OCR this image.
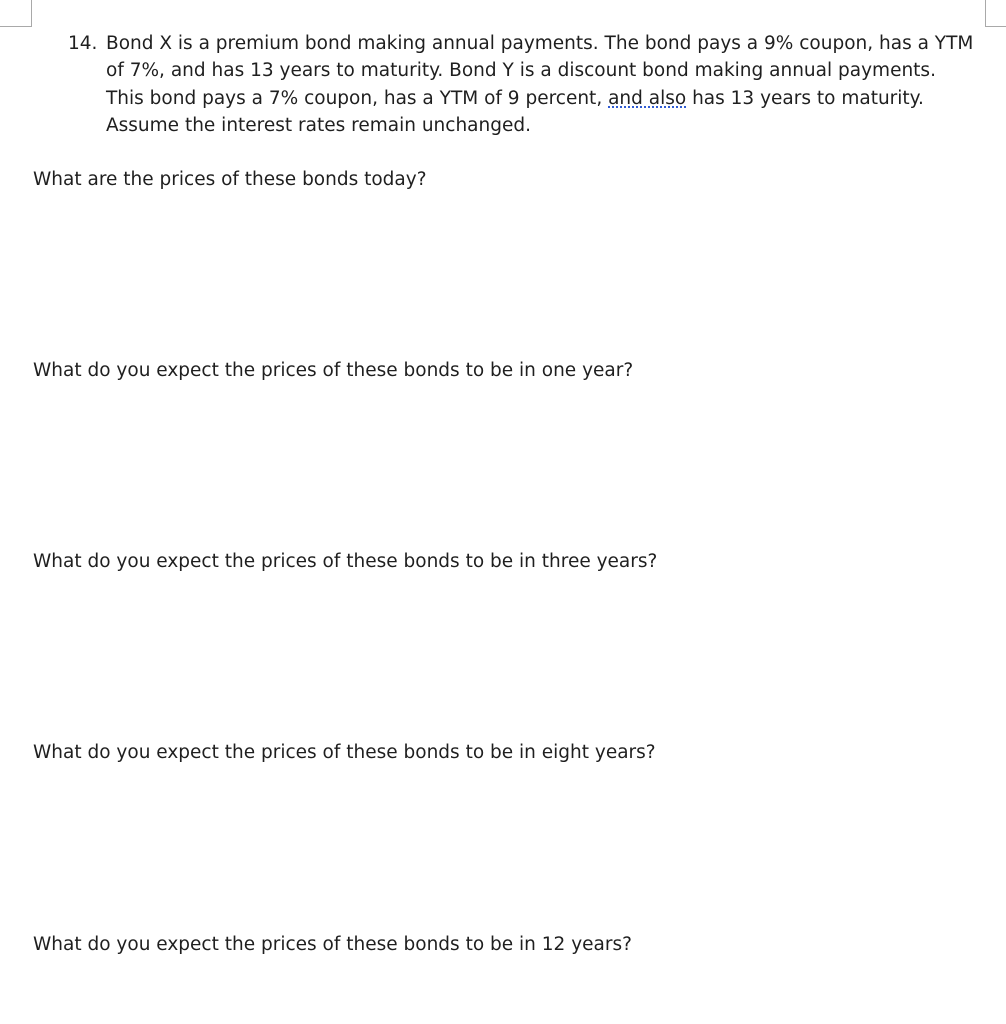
14. Bond X is a premium bond making annual payments. The bond pays a 9% coupon, has a YTM of 7%, and has 13 years to maturity. Bond Y is a discount bond making annual payments. This bond pays a 7% coupon, has a YTM of 9 percent, and also has 13 years to maturity. Assume the interest rates remain unchanged.
What are the prices of these bonds today?
What do you expect the prices of these bonds to be in one year?
What do you expect the prices of these bonds to be in three years?
What do you expect the prices of these bonds to be in eight years?
What do you expect the prices of these bonds to be in 12 years?
